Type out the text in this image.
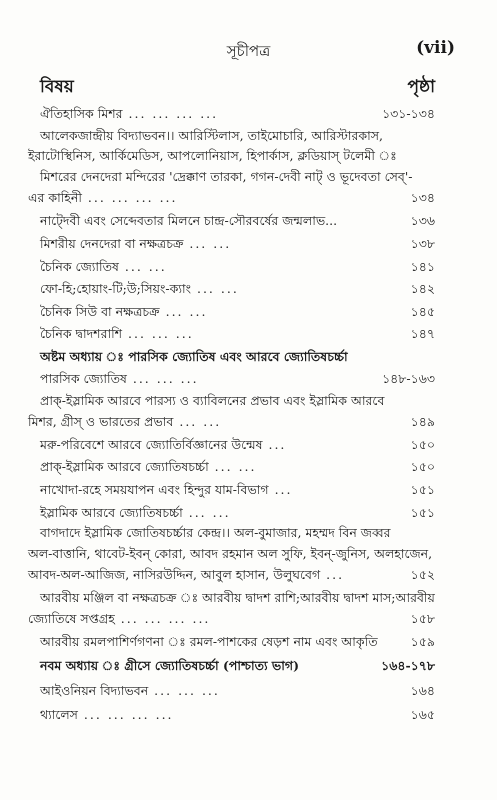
সূচীপত্র	(vii)
বিষয়	পৃষ্ঠা
ঐতিহাসিক মিশর ... ... ... ...	১৩১-১৩৪
আলেকজান্দ্রীয় বিদ্যাভবন।। আরিস্টিলাস, তাইমোচারি, আরিস্টারকাস,
ইরাটোস্থিনিস, আর্কিমেডিস, আপলোনিয়াস, হিপার্কাস, ক্লডিয়াস্ টলেমী ঃ
মিশরের দেনদেরা মন্দিরের 'দ্রেক্কাণ তারকা, গগন-দেবী নাট্ ও ভূদেবতা সেব্'-
এর কাহিনী ... ... ... ...	১৩৪
নাট্দেবী এবং সেব্দেবতার মিলনে চান্দ্র-সৌরবর্ষের জন্মলাভ...	১৩৬
মিশরীয় দেনদেরা বা নক্ষত্রচক্র ... ...	১৩৮
চৈনিক জ্যোতিষ ... ...	১৪১
ফো-হি;হোয়াং-টি;উ;সিয়ং-ক্যাং ... ...	১৪২
চৈনিক সিউ বা নক্ষত্রচক্র ... ...	১৪৫
চৈনিক দ্বাদশরাশি ... ... ...	১৪৭
অষ্টম অধ্যায় ঃ পারসিক জ্যোতিষ এবং আরবে জ্যোতিষচর্চ্চা
পারসিক জ্যোতিষ ... ... ...	১৪৮-১৬৩
প্রাক্-ইস্লামিক আরবে পারস্য ও ব্যাবিলনের প্রভাব এবং ইস্লামিক আরবে
মিশর, গ্রীস্ ও ভারতের প্রভাব ... ...	১৪৯
মরু-পরিবেশে আরবে জ্যোতির্বিজ্ঞানের উন্মেষ ...	১৫০
প্রাক্-ইস্লামিক আরবে জ্যোতিষচর্চ্চা ... ...	১৫০
নাখোদা-রহে সময়যাপন এবং হিন্দুর যাম-বিভাগ ...	১৫১
ইস্লামিক আরবে জ্যোতিষচর্চ্চা ... ...	১৫১
বাগদাদে ইস্লামিক জোতিষচর্চ্চার কেন্দ্র।। অল-বুমাজার, মহম্মদ বিন জব্বর
অল-বাত্তানি, থাবেট-ইবন্ কোরা, আবদ রহমান অল সুফি, ইবন্-জুনিস, অলহাজেন,
আবদ-অল-আজিজ, নাসিরউদ্দিন, আবুল হাসান, উলুঘবেগ ...	১৫২
আরবীয় মঞ্জিল বা নক্ষত্রচক্র ঃ আরবীয় দ্বাদশ রাশি;আরবীয় দ্বাদশ মাস;আরবীয়
জ্যোতিষে সপ্তগ্রহ ... ... ... ...	১৫৮
আরবীয় রমলপাশির্ণগণনা ঃ রমল-পাশকের ষেড়শ নাম এবং আকৃতি	১৫৯
নবম অধ্যায় ঃ গ্রীসে জ্যোতিষচর্চ্চা (পাশ্চাত্য ভাগ)	১৬৪-১৭৮
আইওনিয়ন বিদ্যাভবন ... ... ...	১৬৪
থ্যালেস ... ... ... ...	১৬৫
